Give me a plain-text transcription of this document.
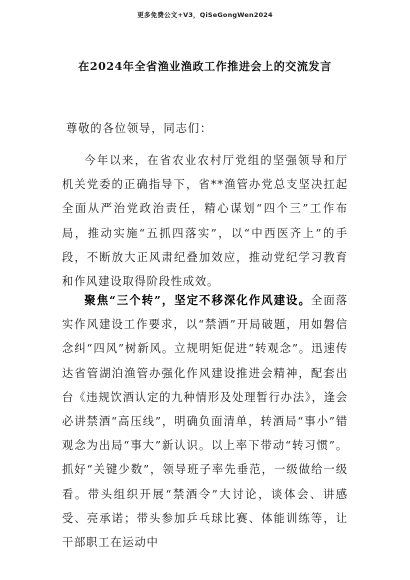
更多免费公文+V3，QiSeGongWen2024
在2024年全省渔业渔政工作推进会上的交流发言
尊敬的各位领导，同志们：

今年以来，在省农业农村厅党组的坚强领导和厅机关党委的正确指导下，省**渔管办党总支坚决扛起全面从严治党政治责任，精心谋划“四个三”工作布局，推动实施“五抓四落实”，以“中西医齐上”的手段，不断放大正风肃纪叠加效应，推动党纪学习教育和作风建设取得阶段性成效。

聚焦“三个转”，坚定不移深化作风建设。全面落实作风建设工作要求，以“禁酒”开局破题，用如磐信念纠“四风”树新风。立规明矩促进“转观念”。迅速传达省管湖泊渔管办强化作风建设推进会精神，配套出台《违规饮酒认定的九种情形及处理暂行办法》，逢会必讲禁酒“高压线”，明确负面清单，转酒局“事小”错观念为出局“事大”新认识。以上率下带动“转习惯”。抓好“关键少数”，领导班子率先垂范，一级做给一级看。带头组织开展“禁酒令”大讨论，谈体会、讲感受、亮承诺；带头参加乒乓球比赛、体能训练等，让干部职工在运动中
